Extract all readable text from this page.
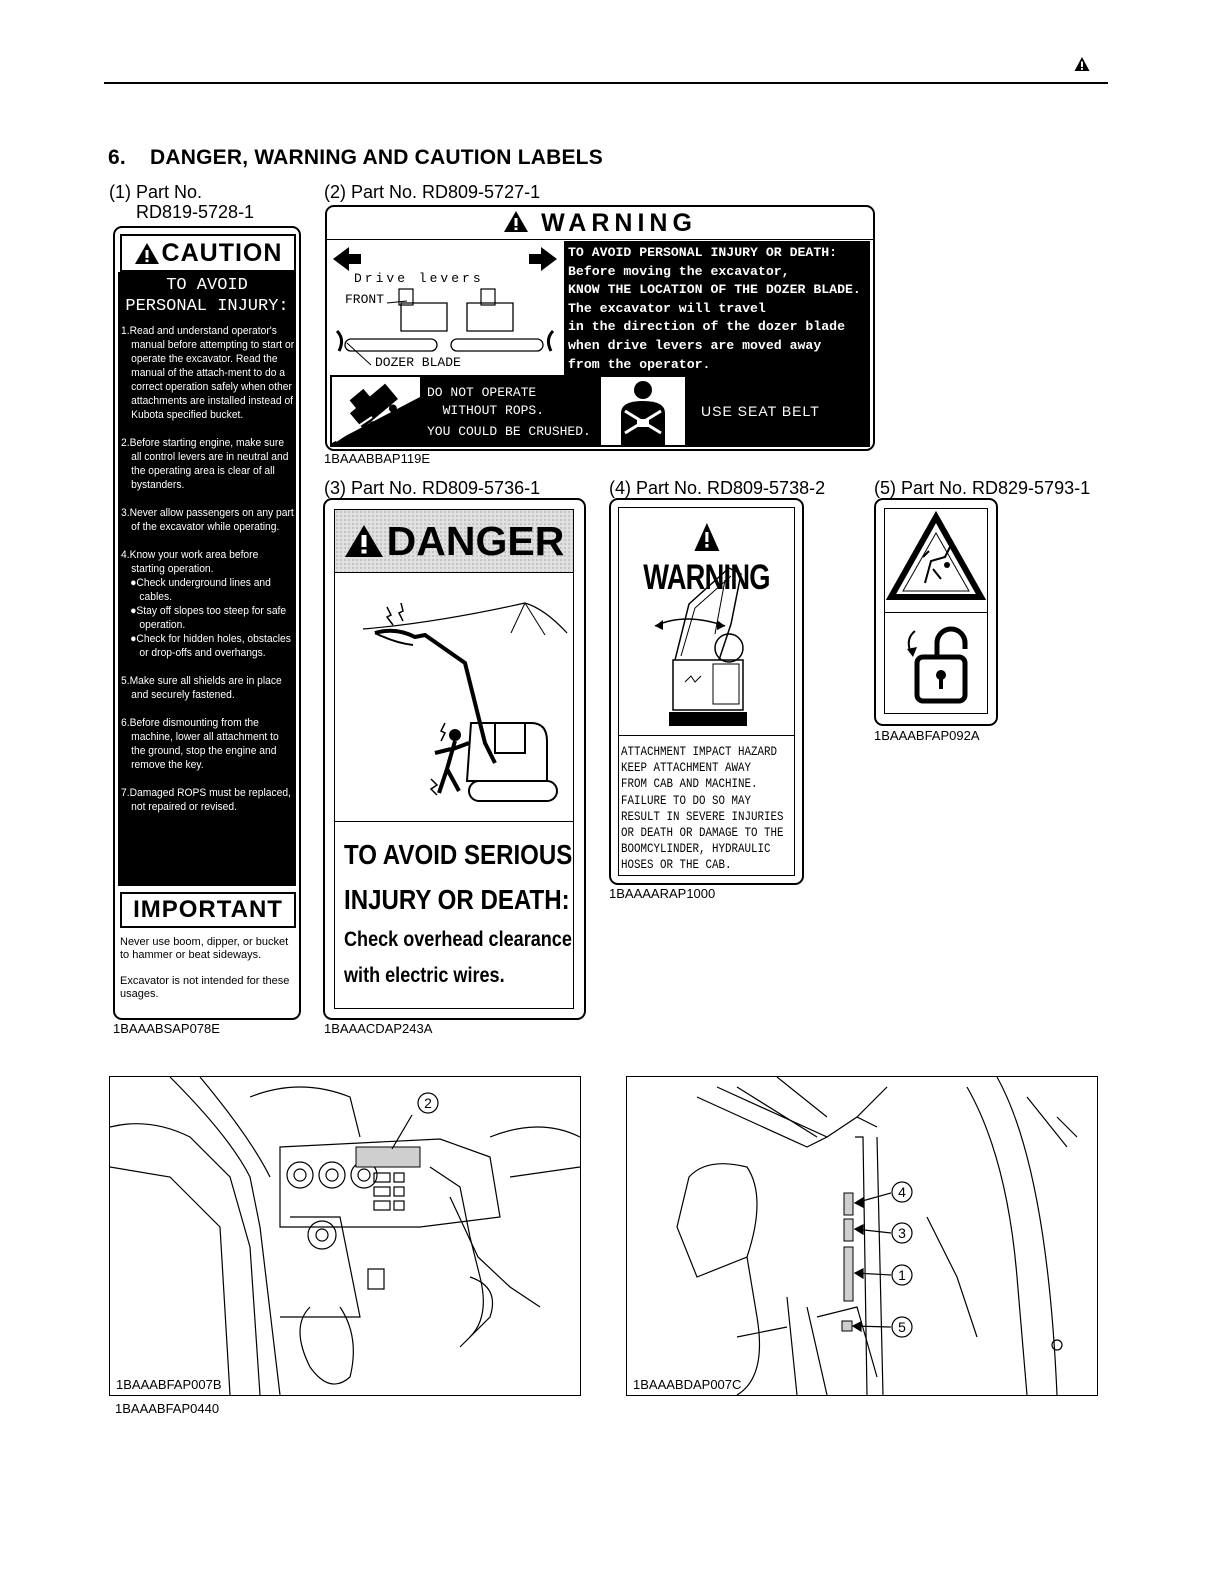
6.    DANGER, WARNING AND CAUTION LABELS
(1) Part No.
RD819-5728-1
CAUTION
TO AVOID
PERSONAL INJURY:
1.Read and understand operator's manual before attempting to start or operate the excavator. Read the manual of the attach-ment to do a correct operation safely when other attachments are installed instead of Kubota specified bucket.
2.Before starting engine, make sure all control levers are in neutral and the operating area is clear of all bystanders.
3.Never allow passengers on any part of the excavator while operating.
4.Know your work area before starting operation.
●Check underground lines and cables.
●Stay off slopes too steep for safe operation.
●Check for hidden holes, obstacles or drop-offs and overhangs.
5.Make sure all shields are in place and securely fastened.
6.Before dismounting from the machine, lower all attachment to the ground, stop the engine and remove the key.
7.Damaged ROPS must be replaced, not repaired or revised.
IMPORTANT
Never use boom, dipper, or bucket to hammer or beat sideways.
Excavator is not intended for these usages.
1BAAABSAP078E
(2) Part No. RD809-5727-1
WARNING
TRAVEL DIRECTION
Drive levers
FRONT
DOZER BLADE
TO AVOID PERSONAL INJURY OR DEATH:
Before moving the excavator,
KNOW THE LOCATION OF THE DOZER BLADE.
The excavator will travel
in the direction of the dozer blade
when drive levers are moved away
from the operator.
DO NOT OPERATE
WITHOUT ROPS.
YOU COULD BE CRUSHED.
USE SEAT BELT
1BAAABBAP119E
(3) Part No. RD809-5736-1
DANGER
TO AVOID SERIOUS
INJURY OR DEATH:
Check overhead clearance
with electric wires.
1BAAACDAP243A
(4) Part No. RD809-5738-2
WARNING
ATTACHMENT IMPACT HAZARD
KEEP ATTACHMENT AWAY
FROM CAB AND MACHINE.
FAILURE TO DO SO MAY
RESULT IN SEVERE INJURIES
OR DEATH OR DAMAGE TO THE
BOOMCYLINDER, HYDRAULIC
HOSES OR THE CAB.
1BAAAARAP1000
(5) Part No. RD829-5793-1
1BAAABFAP092A
2
1BAAABFAP007B
1BAAABFAP0440
4
3
1
5
1BAAABDAP007C
